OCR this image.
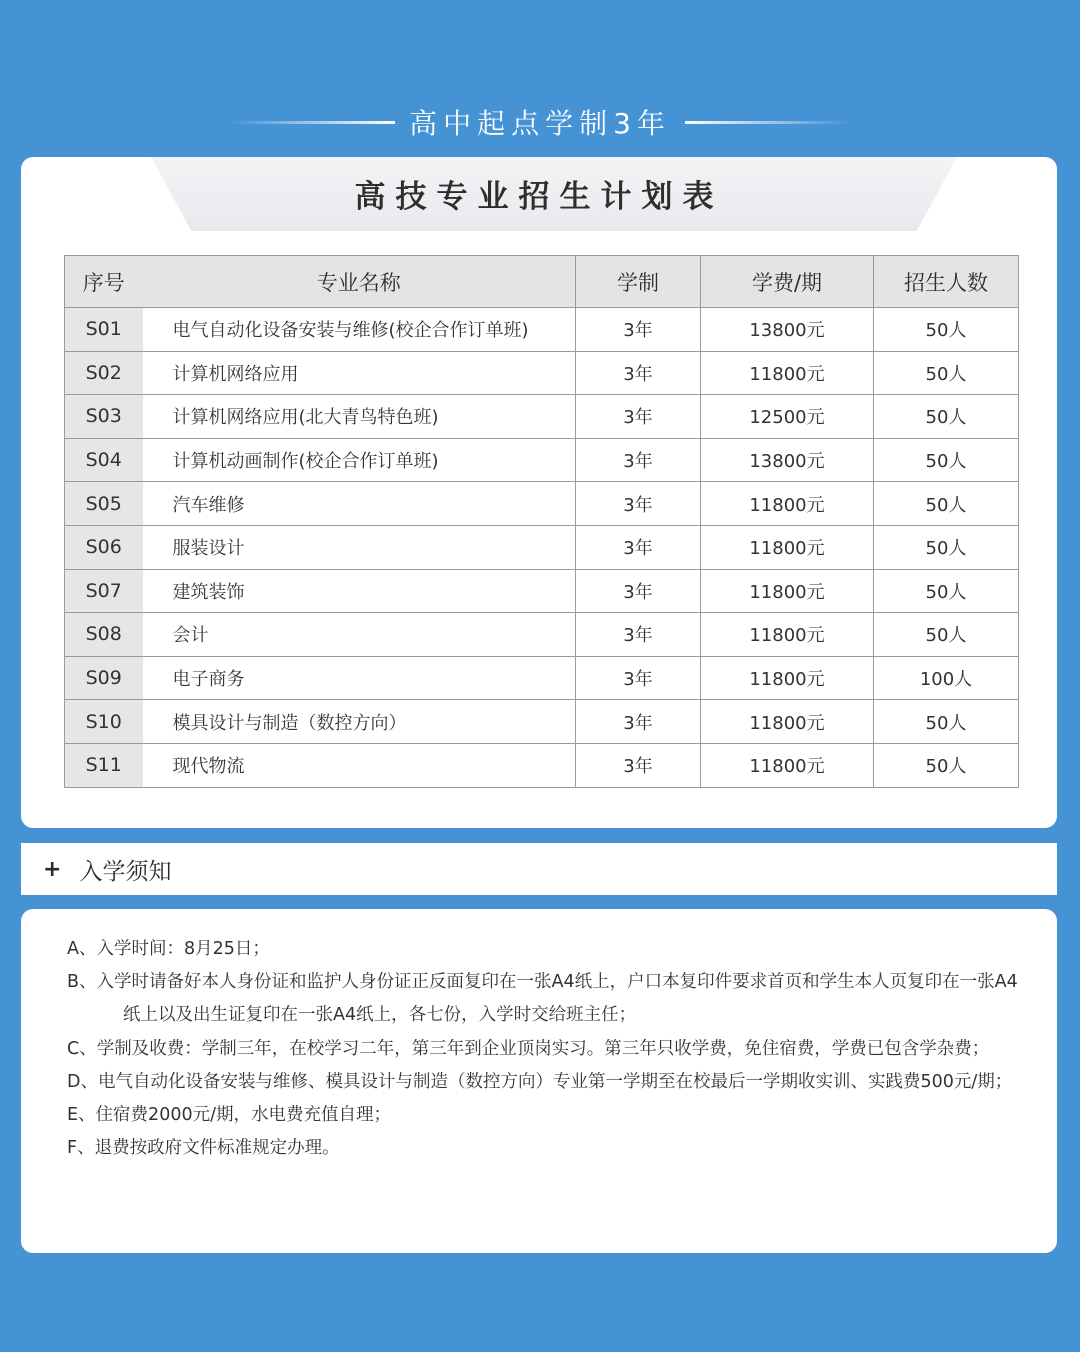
高中起点学制3年
高技专业招生计划表
序号	专业名称	学制	学费/期	招生人数
S01	电气自动化设备安装与维修(校企合作订单班)	3年	13800元	50人
S02	计算机网络应用	3年	11800元	50人
S03	计算机网络应用(北大青鸟特色班)	3年	12500元	50人
S04	计算机动画制作(校企合作订单班)	3年	13800元	50人
S05	汽车维修	3年	11800元	50人
S06	服装设计	3年	11800元	50人
S07	建筑装饰	3年	11800元	50人
S08	会计	3年	11800元	50人
S09	电子商务	3年	11800元	100人
S10	模具设计与制造（数控方向）	3年	11800元	50人
S11	现代物流	3年	11800元	50人
+ 入学须知

A、入学时间：8月25日；

B、入学时请备好本人身份证和监护人身份证正反面复印在一张A4纸上，户口本复印件要求首页和学生本人页复印在一张A4纸上以及出生证复印在一张A4纸上，各七份，入学时交给班主任；

C、学制及收费：学制三年，在校学习二年，第三年到企业顶岗实习。第三年只收学费，免住宿费，学费已包含学杂费；

D、电气自动化设备安装与维修、模具设计与制造（数控方向）专业第一学期至在校最后一学期收实训、实践费500元/期；

E、住宿费2000元/期，水电费充值自理；

F、退费按政府文件标准规定办理。
